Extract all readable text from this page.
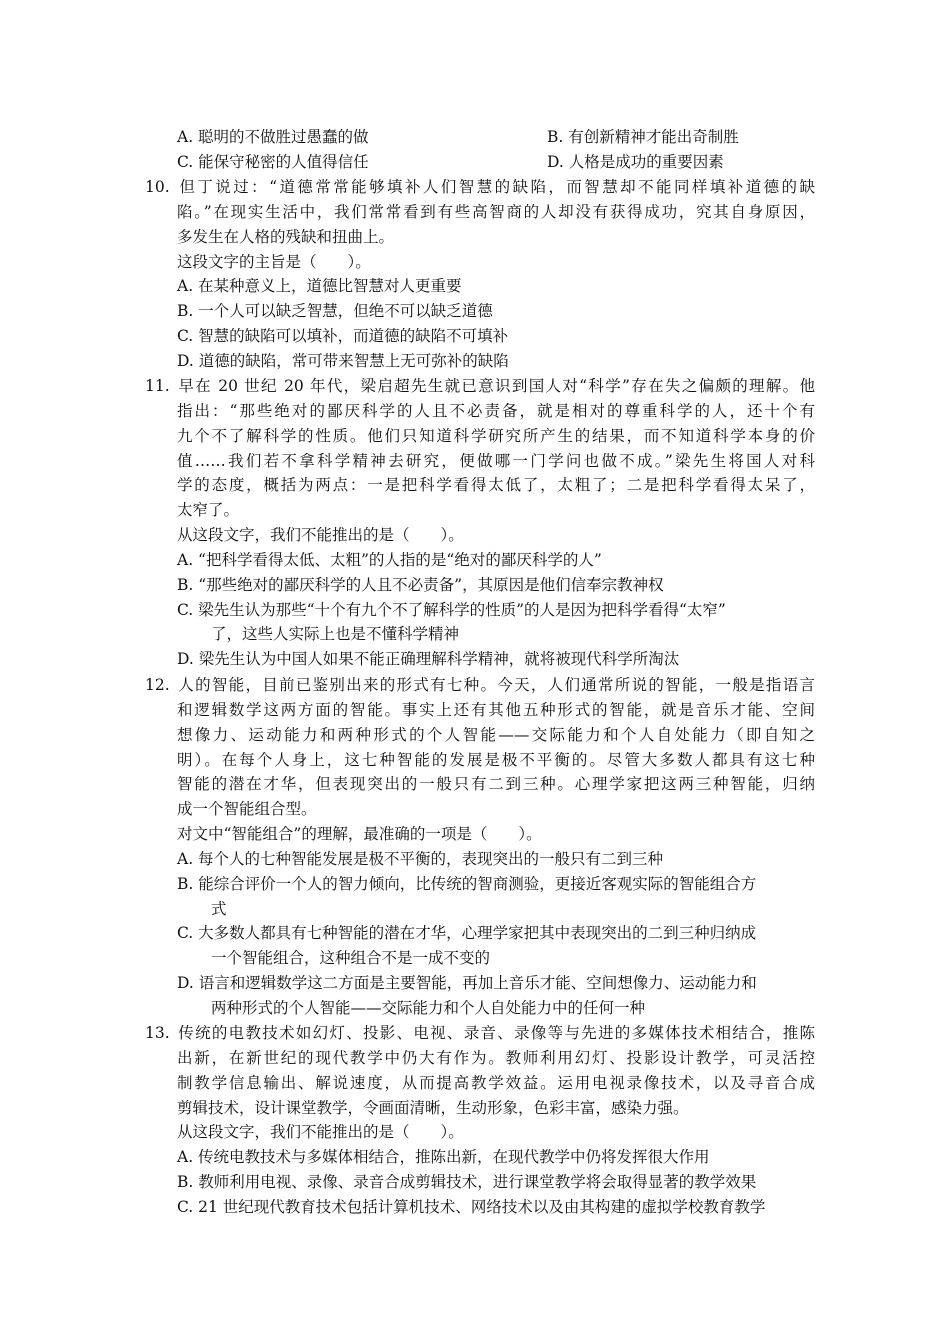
A. 聪明的不做胜过愚蠢的做	B. 有创新精神才能出奇制胜
C. 能保守秘密的人值得信任	D. 人格是成功的重要因素
10. 但丁说过：“道德常常能够填补人们智慧的缺陷，而智慧却不能同样填补道德的缺
陷。”在现实生活中，我们常常看到有些高智商的人却没有获得成功，究其自身原因，
多发生在人格的残缺和扭曲上。
这段文字的主旨是（　　）。
A. 在某种意义上，道德比智慧对人更重要
B. 一个人可以缺乏智慧，但绝不可以缺乏道德
C. 智慧的缺陷可以填补，而道德的缺陷不可填补
D. 道德的缺陷，常可带来智慧上无可弥补的缺陷
11. 早在 20 世纪 20 年代，梁启超先生就已意识到国人对“科学”存在失之偏颇的理解。他
指出：“那些绝对的鄙厌科学的人且不必责备，就是相对的尊重科学的人，还十个有
九个不了解科学的性质。他们只知道科学研究所产生的结果，而不知道科学本身的价
值……我们若不拿科学精神去研究，便做哪一门学问也做不成。”梁先生将国人对科
学的态度，概括为两点：一是把科学看得太低了，太粗了；二是把科学看得太呆了，
太窄了。
从这段文字，我们不能推出的是（　　）。
A. “把科学看得太低、太粗”的人指的是“绝对的鄙厌科学的人”
B. “那些绝对的鄙厌科学的人且不必责备”，其原因是他们信奉宗教神权
C. 梁先生认为那些“十个有九个不了解科学的性质”的人是因为把科学看得“太窄”
了，这些人实际上也是不懂科学精神
D. 梁先生认为中国人如果不能正确理解科学精神，就将被现代科学所淘汰
12. 人的智能，目前已鉴别出来的形式有七种。今天，人们通常所说的智能，一般是指语言
和逻辑数学这两方面的智能。事实上还有其他五种形式的智能，就是音乐才能、空间
想像力、运动能力和两种形式的个人智能——交际能力和个人自处能力（即自知之
明）。在每个人身上，这七种智能的发展是极不平衡的。尽管大多数人都具有这七种
智能的潜在才华，但表现突出的一般只有二到三种。心理学家把这两三种智能，归纳
成一个智能组合型。
对文中“智能组合”的理解，最准确的一项是（　　）。
A. 每个人的七种智能发展是极不平衡的，表现突出的一般只有二到三种
B. 能综合评价一个人的智力倾向，比传统的智商测验，更接近客观实际的智能组合方
式
C. 大多数人都具有七种智能的潜在才华，心理学家把其中表现突出的二到三种归纳成
一个智能组合，这种组合不是一成不变的
D. 语言和逻辑数学这二方面是主要智能，再加上音乐才能、空间想像力、运动能力和
两种形式的个人智能——交际能力和个人自处能力中的任何一种
13. 传统的电教技术如幻灯、投影、电视、录音、录像等与先进的多媒体技术相结合，推陈
出新，在新世纪的现代教学中仍大有作为。教师利用幻灯、投影设计教学，可灵活控
制教学信息输出、解说速度，从而提高教学效益。运用电视录像技术，以及寻音合成
剪辑技术，设计课堂教学，令画面清晰，生动形象，色彩丰富，感染力强。
从这段文字，我们不能推出的是（　　）。
A. 传统电教技术与多媒体相结合，推陈出新，在现代教学中仍将发挥很大作用
B. 教师利用电视、录像、录音合成剪辑技术，进行课堂教学将会取得显著的教学效果
C. 21 世纪现代教育技术包括计算机技术、网络技术以及由其构建的虚拟学校教育教学
